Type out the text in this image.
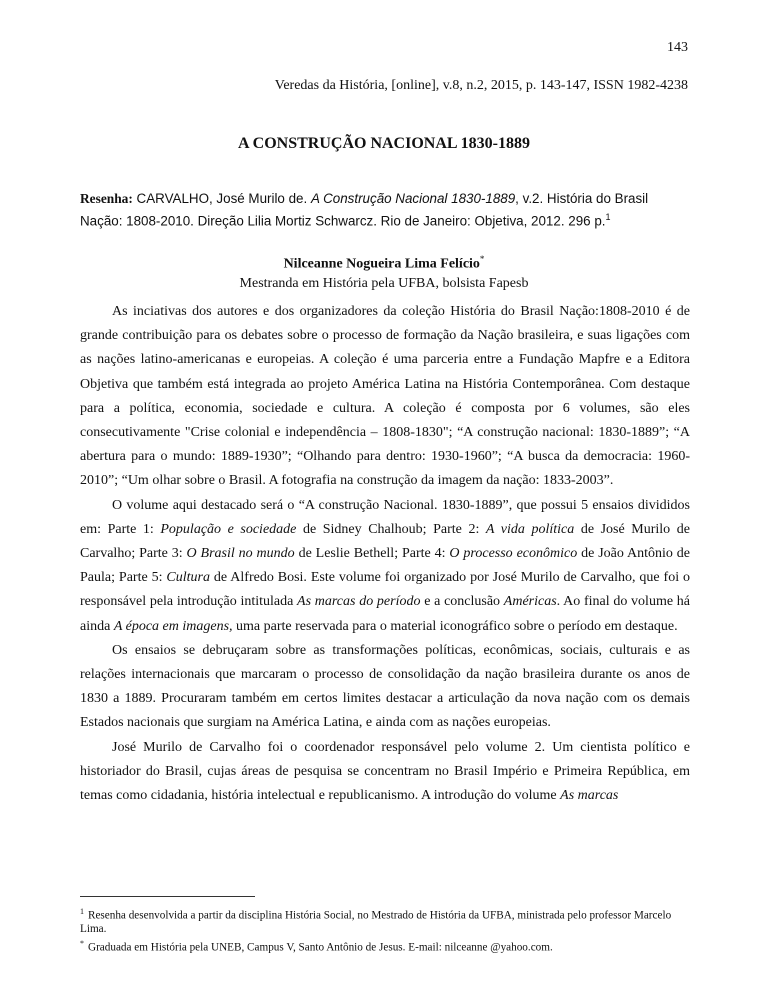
143
Veredas da História, [online], v.8, n.2, 2015, p. 143-147, ISSN 1982-4238
A CONSTRUÇÃO NACIONAL 1830-1889
Resenha: CARVALHO, José Murilo de. A Construção Nacional 1830-1889, v.2. História do Brasil Nação: 1808-2010. Direção Lilia Mortiz Schwarcz. Rio de Janeiro: Objetiva, 2012. 296 p.$^1$
Nilceanne Nogueira Lima Felício*
Mestranda em História pela UFBA, bolsista Fapesb

As inciativas dos autores e dos organizadores da coleção História do Brasil Nação:1808-2010 é de grande contribuição para os debates sobre o processo de formação da Nação brasileira, e suas ligações com as nações latino-americanas e europeias. A coleção é uma parceria entre a Fundação Mapfre e a Editora Objetiva que também está integrada ao projeto América Latina na História Contemporânea. Com destaque para a política, economia, sociedade e cultura. A coleção é composta por 6 volumes, são eles consecutivamente "Crise colonial e independência – 1808-1830"; “A construção nacional: 1830-1889”; “A abertura para o mundo: 1889-1930”; “Olhando para dentro: 1930-1960”; “A busca da democracia: 1960-2010”; “Um olhar sobre o Brasil. A fotografia na construção da imagem da nação: 1833-2003”.

O volume aqui destacado será o “A construção Nacional. 1830-1889”, que possui 5 ensaios divididos em: Parte 1: População e sociedade de Sidney Chalhoub; Parte 2: A vida política de José Murilo de Carvalho; Parte 3: O Brasil no mundo de Leslie Bethell; Parte 4: O processo econômico de João Antônio de Paula; Parte 5: Cultura de Alfredo Bosi. Este volume foi organizado por José Murilo de Carvalho, que foi o responsável pela introdução intitulada As marcas do período e a conclusão Américas. Ao final do volume há ainda A época em imagens, uma parte reservada para o material iconográfico sobre o período em destaque.

Os ensaios se debruçaram sobre as transformações políticas, econômicas, sociais, culturais e as relações internacionais que marcaram o processo de consolidação da nação brasileira durante os anos de 1830 a 1889. Procuraram também em certos limites destacar a articulação da nova nação com os demais Estados nacionais que surgiam na América Latina, e ainda com as nações europeias.

José Murilo de Carvalho foi o coordenador responsável pelo volume 2. Um cientista político e historiador do Brasil, cujas áreas de pesquisa se concentram no Brasil Império e Primeira República, em temas como cidadania, história intelectual e republicanismo. A introdução do volume As marcas

$^1$ Resenha desenvolvida a partir da disciplina História Social, no Mestrado de História da UFBA, ministrada pelo professor Marcelo Lima.
* Graduada em História pela UNEB, Campus V, Santo Antônio de Jesus. E-mail: nilceanne @yahoo.com.
